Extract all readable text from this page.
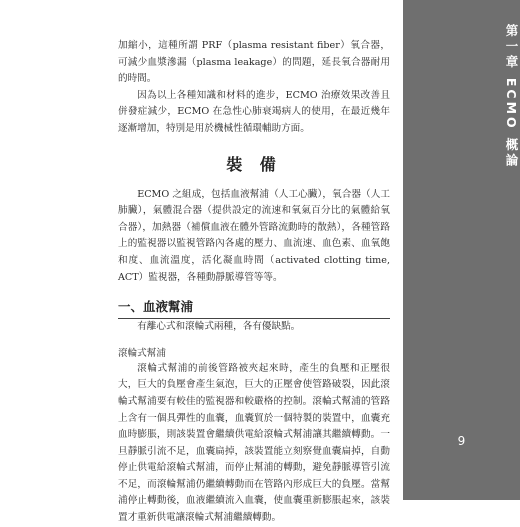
加縮小，這種所謂 PRF（plasma resistant fiber）氧合器，可減少血漿滲漏（plasma leakage）的問題，延長氧合器耐用的時間。

因為以上各種知識和材料的進步，ECMO 治療效果改善且併發症減少，ECMO 在急性心肺衰竭病人的使用，在最近幾年逐漸增加，特別是用於機械性循環輔助方面。

裝 備

ECMO 之組成，包括血液幫浦（人工心臟），氧合器（人工肺臟），氣體混合器（提供設定的流速和氧氣百分比的氣體給氧合器），加熱器（補償血液在體外管路流動時的散熱），各種管路上的監視器以監視管路內各處的壓力、血流速、血色素、血氧飽和度、血流溫度，活化凝血時間（activated clotting time, ACT）監視器，各種動靜脈導管等等。

一、血液幫浦

有離心式和滾輪式兩種，各有優缺點。

滾輪式幫浦

滾輪式幫浦的前後管路被夾起來時，產生的負壓和正壓很大，巨大的負壓會產生氣泡，巨大的正壓會使管路破裂，因此滾輪式幫浦要有較佳的監視器和較嚴格的控制。滾輪式幫浦的管路上含有一個具彈性的血囊，血囊貿於一個特製的裝置中，血囊充血時膨脹，則該裝置會繼續供電給滾輪式幫浦讓其繼續轉動。一旦靜脈引流不足，血囊扁掉，該裝置能立刻察覺血囊扁掉，自動停止供電給滾輪式幫浦，而停止幫浦的轉動，避免靜脈導管引流不足，而滾輪幫浦仍繼續轉動而在管路內形成巨大的負壓。當幫浦停止轉動後，血液繼續流入血囊，使血囊重新膨脹起來，該裝置才重新供電讓滾輪式幫浦繼續轉動。

第一章 ECMO 概論
9
